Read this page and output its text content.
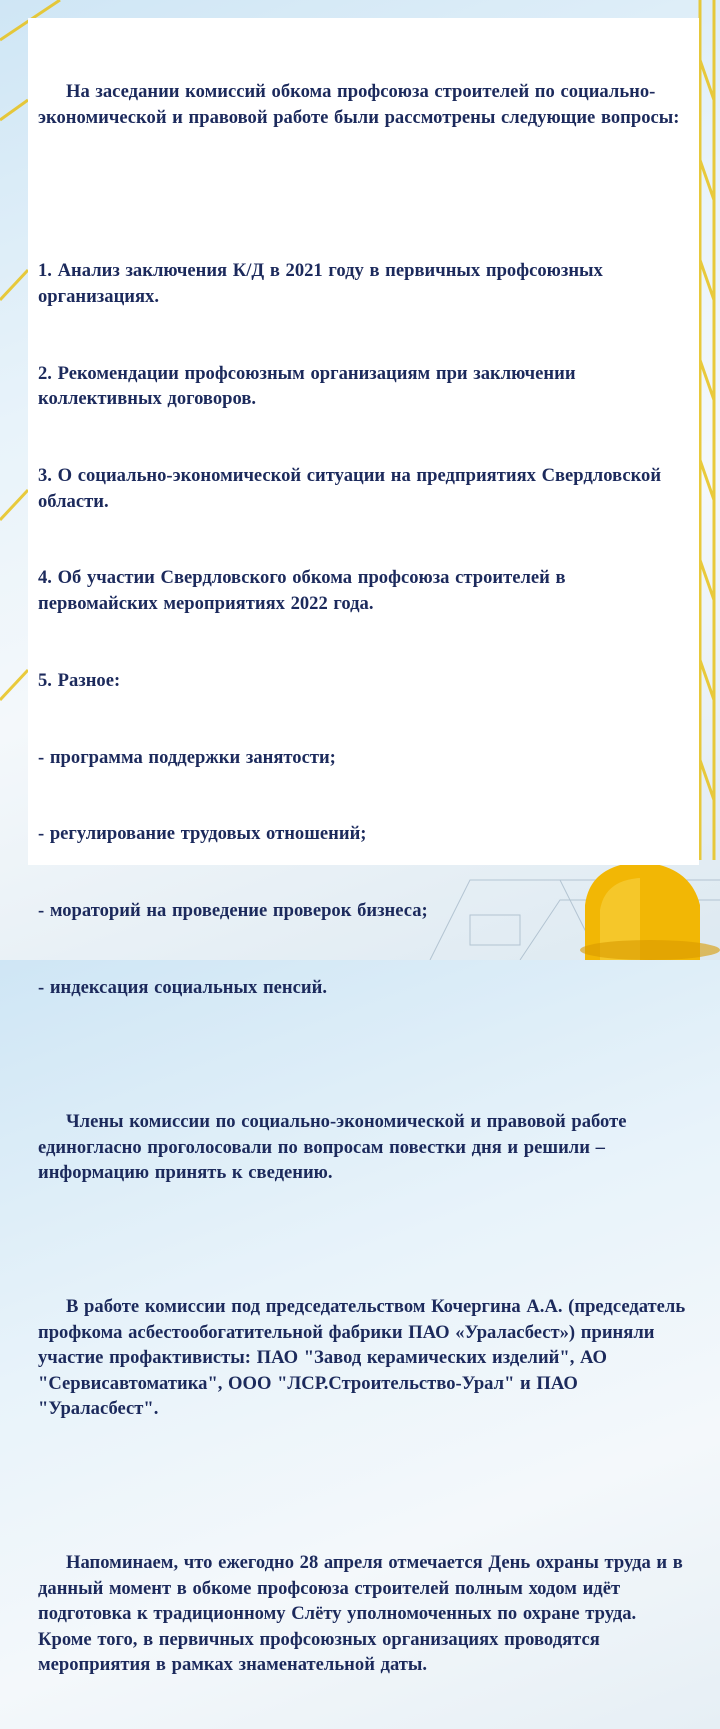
На заседании комиссий обкома профсоюза строителей по социально-экономической и правовой работе были рассмотрены следующие вопросы:

1. Анализ заключения К/Д в 2021 году в первичных профсоюзных организациях.

2. Рекомендации профсоюзным организациям при заключении коллективных договоров.

3. О социально-экономической ситуации на предприятиях Свердловской области.

4. Об участии Свердловского обкома профсоюза строителей в первомайских мероприятиях 2022 года.

5. Разное:

- программа поддержки занятости;

- регулирование трудовых отношений;

- мораторий на проведение проверок бизнеса;

- индексация социальных пенсий.

Члены комиссии по социально-экономической и правовой работе единогласно проголосовали по вопросам повестки дня и решили – информацию принять к сведению.

В работе комиссии под председательством Кочергина А.А. (председатель профкома асбестообогатительной фабрики ПАО «Ураласбест») приняли участие профактивисты: ПАО "Завод керамических изделий", АО "Сервисавтоматика", ООО "ЛСР.Строительство-Урал" и ПАО "Ураласбест".

Напоминаем, что ежегодно 28 апреля отмечается День охраны труда и в данный момент в обкоме профсоюза строителей полным ходом идёт подготовка к традиционному Слёту уполномоченных по охране труда. Кроме того, в первичных профсоюзных организациях проводятся мероприятия в рамках знаменательной даты.
